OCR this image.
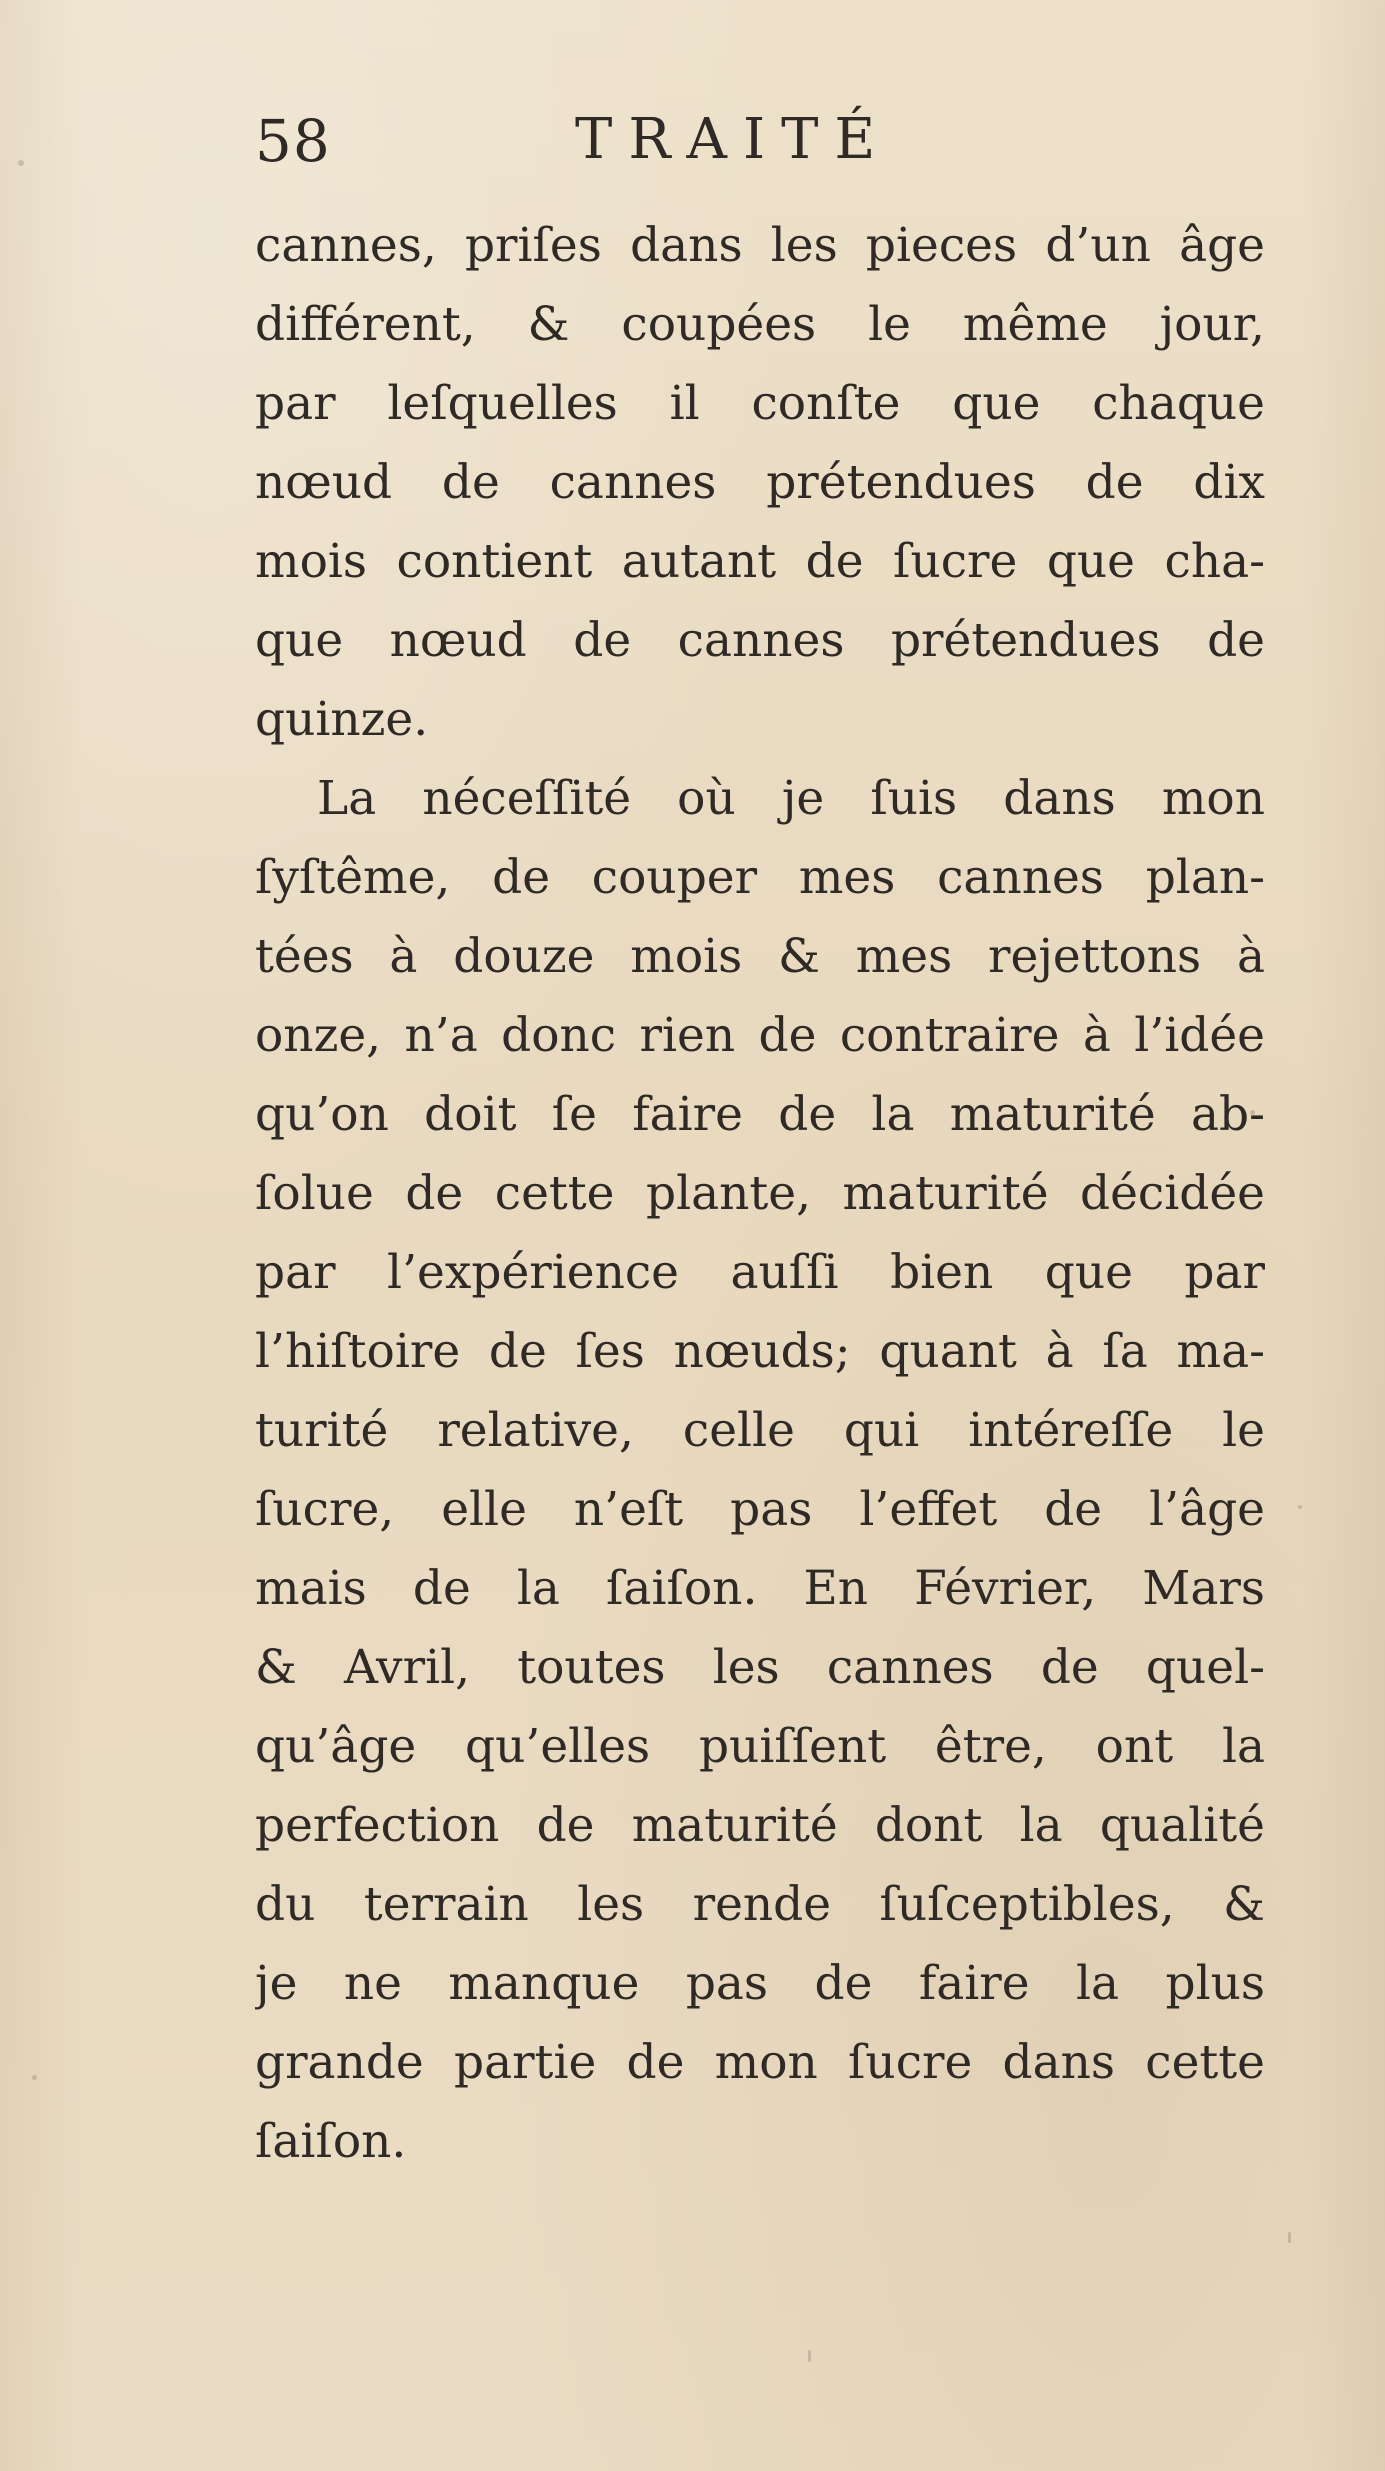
58	TRAITÉ
cannes, priſes dans les pieces d’un âge
différent, & coupées le même jour,
par leſquelles il conſte que chaque
nœud de cannes prétendues de dix
mois contient autant de ſucre que cha-
que nœud de cannes prétendues de
quinze.
La néceſſité où je ſuis dans mon
ſyſtême, de couper mes cannes plan-
tées à douze mois & mes rejettons à
onze, n’a donc rien de contraire à l’idée
qu’on doit ſe faire de la maturité ab-
ſolue de cette plante, maturité décidée
par l’expérience auſſi bien que par
l’hiſtoire de ſes nœuds; quant à ſa ma-
turité relative, celle qui intéreſſe le
ſucre, elle n’eſt pas l’effet de l’âge
mais de la ſaiſon. En Février, Mars
& Avril, toutes les cannes de quel-
qu’âge qu’elles puiſſent être, ont la
perfection de maturité dont la qualité
du terrain les rende ſuſceptibles, &
je ne manque pas de faire la plus
grande partie de mon ſucre dans cette
ſaiſon.
